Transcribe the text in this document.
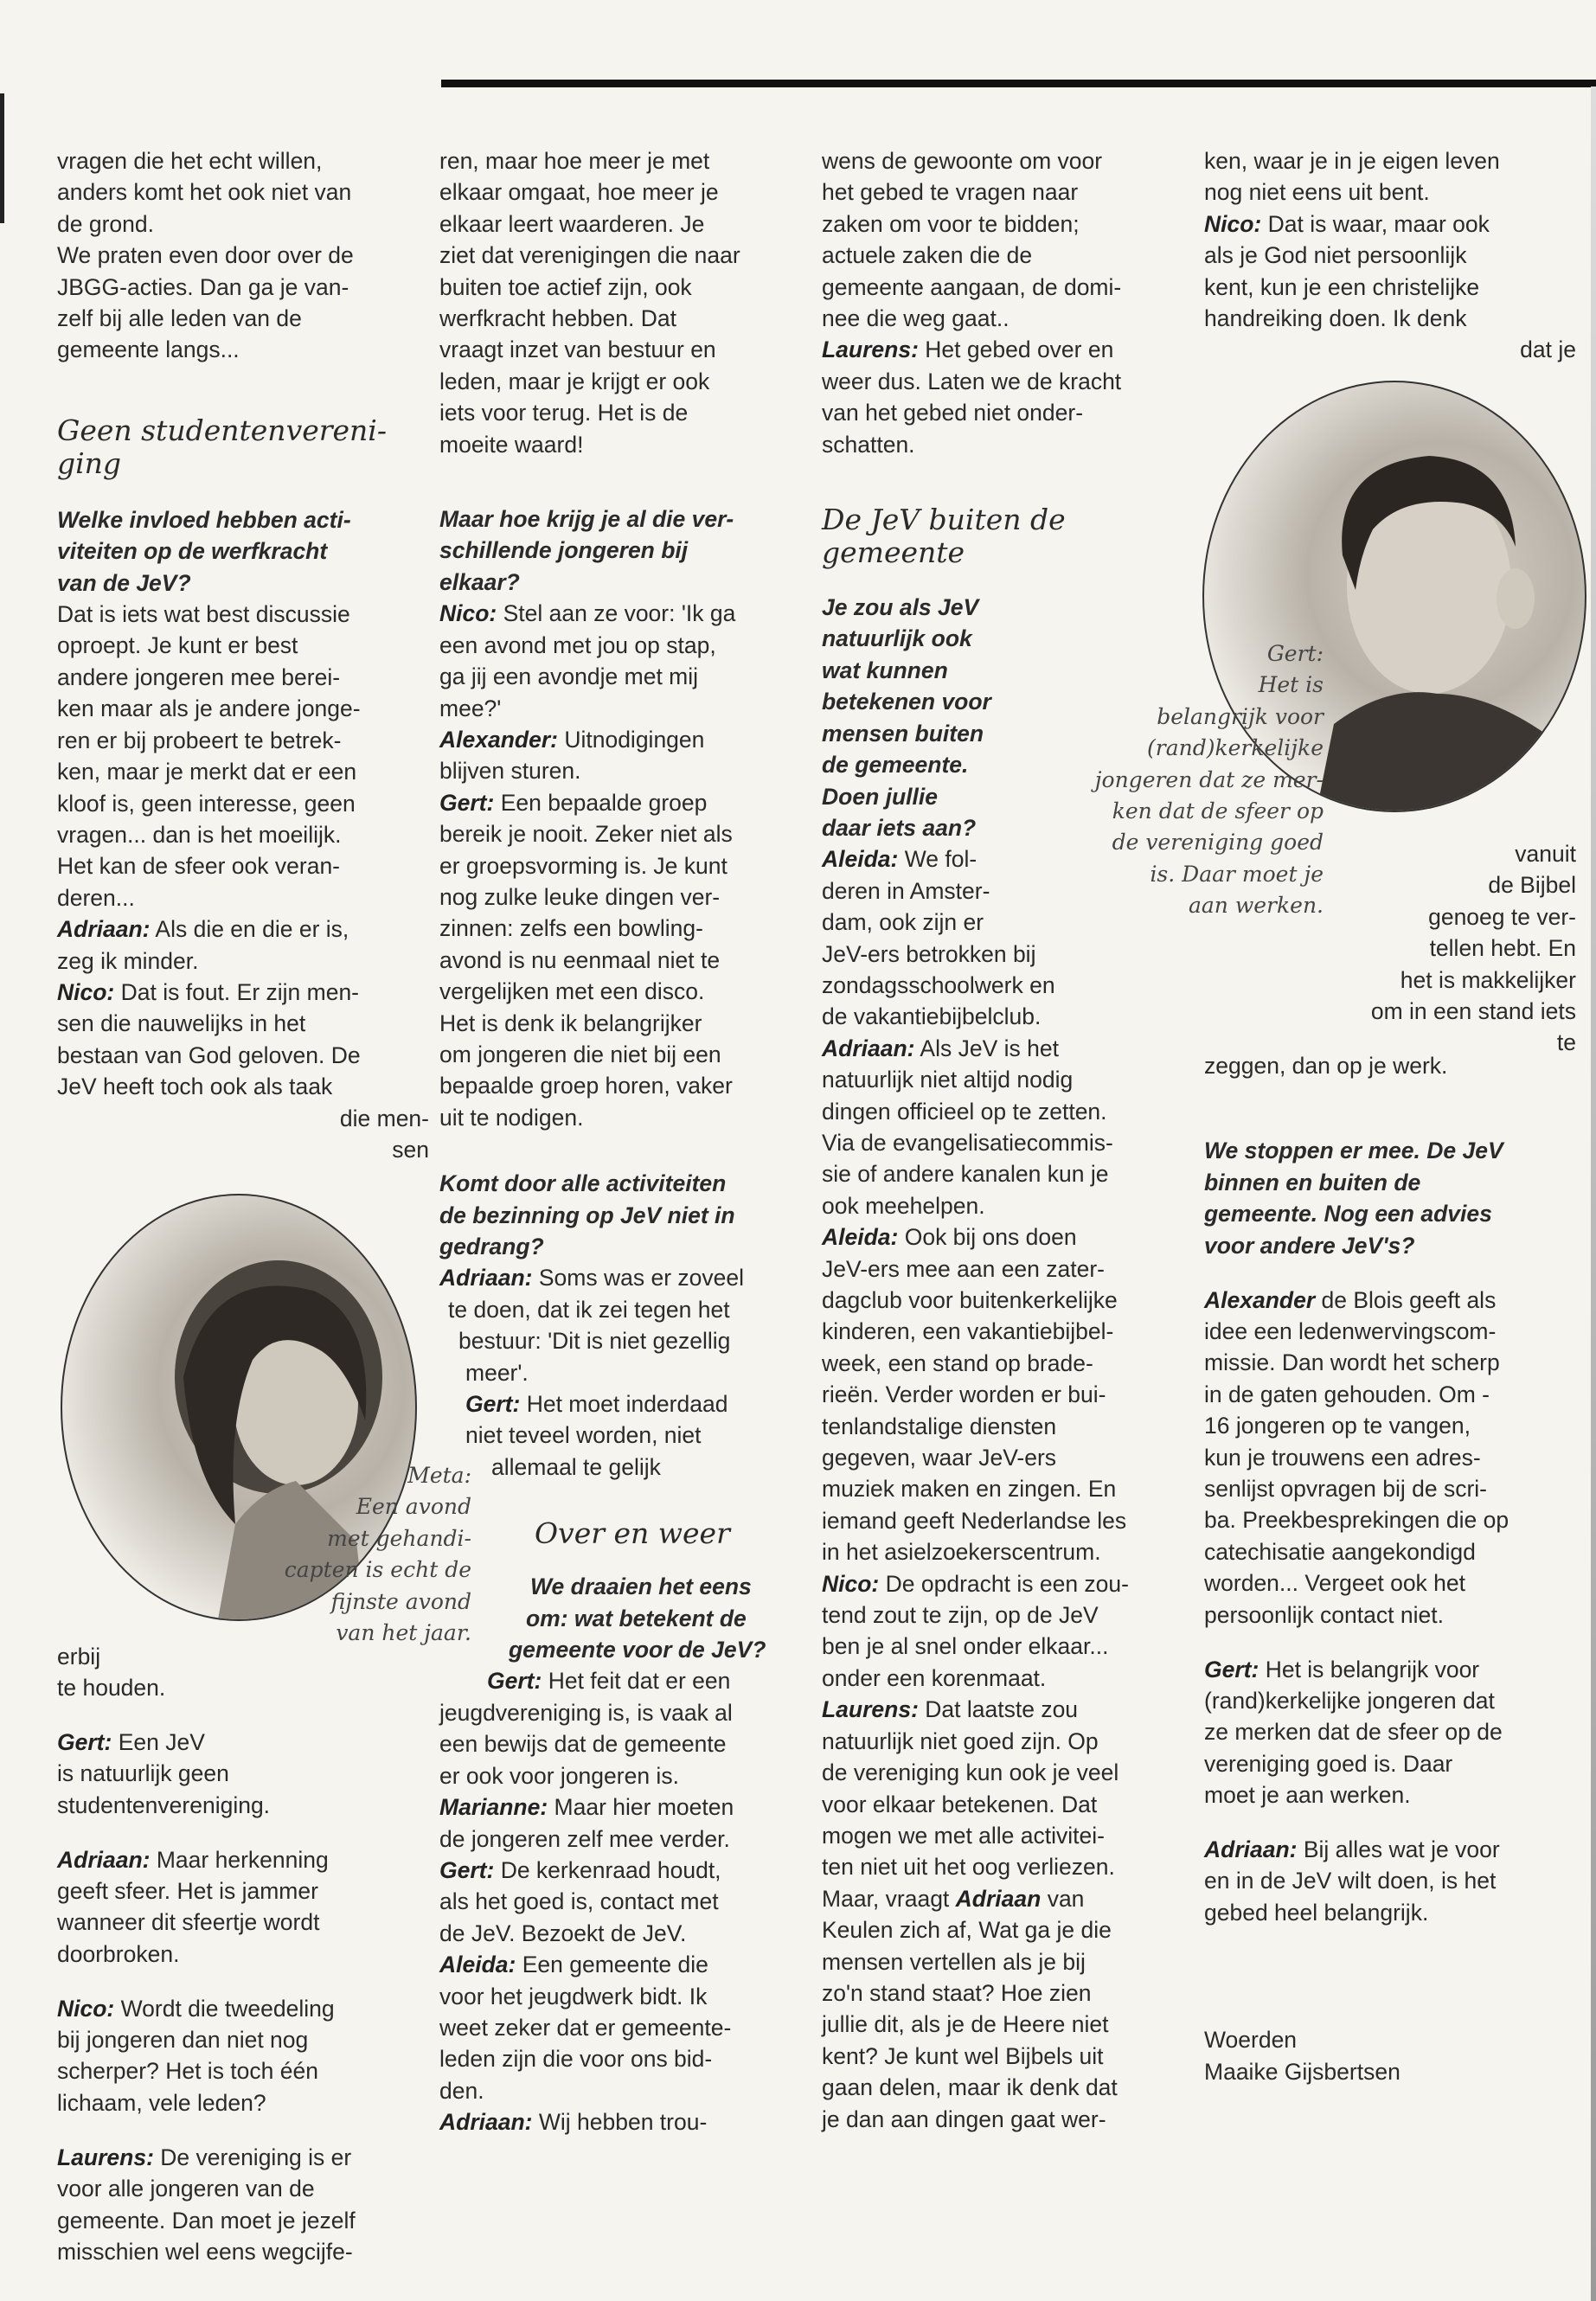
vragen die het echt willen,
anders komt het ook niet van
de grond.
We praten even door over de
JBGG-acties. Dan ga je van-
zelf bij alle leden van de
gemeente langs...

Geen studentenvereni-
ging

Welke invloed hebben acti-
viteiten op de werfkracht
van de JeV?

Dat is iets wat best discussie
oproept. Je kunt er best
andere jongeren mee berei-
ken maar als je andere jonge-
ren er bij probeert te betrek-
ken, maar je merkt dat er een
kloof is, geen interesse, geen
vragen... dan is het moeilijk.
Het kan de sfeer ook veran-
deren...

Adriaan: Als die en die er is,
zeg ik minder.

Nico: Dat is fout. Er zijn men-
sen die nauwelijks in het
bestaan van God geloven. De
JeV heeft toch ook als taak

die men-
sen

Meta:
Een avond
met gehandi-
capten is echt de
fijnste avond
van het jaar.

erbij
te houden.

Gert: Een JeV
is natuurlijk geen
studentenvereniging.

Adriaan: Maar herkenning
geeft sfeer. Het is jammer
wanneer dit sfeertje wordt
doorbroken.

Nico: Wordt die tweedeling
bij jongeren dan niet nog
scherper? Het is toch één
lichaam, vele leden?

Laurens: De vereniging is er
voor alle jongeren van de
gemeente. Dan moet je jezelf
misschien wel eens wegcijfe-

ren, maar hoe meer je met
elkaar omgaat, hoe meer je
elkaar leert waarderen. Je
ziet dat verenigingen die naar
buiten toe actief zijn, ook
werfkracht hebben. Dat
vraagt inzet van bestuur en
leden, maar je krijgt er ook
iets voor terug. Het is de
moeite waard!

Maar hoe krijg je al die ver-
schillende jongeren bij
elkaar?

Nico: Stel aan ze voor: 'Ik ga
een avond met jou op stap,
ga jij een avondje met mij
mee?'

Alexander: Uitnodigingen
blijven sturen.

Gert: Een bepaalde groep
bereik je nooit. Zeker niet als
er groepsvorming is. Je kunt
nog zulke leuke dingen ver-
zinnen: zelfs een bowling-
avond is nu eenmaal niet te
vergelijken met een disco.
Het is denk ik belangrijker
om jongeren die niet bij een
bepaalde groep horen, vaker
uit te nodigen.

Komt door alle activiteiten
de bezinning op JeV niet in
gedrang?

Adriaan: Soms was er zoveel
te doen, dat ik zei tegen het
bestuur: 'Dit is niet gezellig
meer'.

Gert: Het moet inderdaad
niet teveel worden, niet
allemaal te gelijk

Over en weer

We draaien het eens
om: wat betekent de
gemeente voor de JeV?

Gert: Het feit dat er een
jeugdvereniging is, is vaak al
een bewijs dat de gemeente
er ook voor jongeren is.

Marianne: Maar hier moeten
de jongeren zelf mee verder.

Gert: De kerkenraad houdt,
als het goed is, contact met
de JeV. Bezoekt de JeV.

Aleida: Een gemeente die
voor het jeugdwerk bidt. Ik
weet zeker dat er gemeente-
leden zijn die voor ons bid-
den.

Adriaan: Wij hebben trou-

wens de gewoonte om voor
het gebed te vragen naar
zaken om voor te bidden;
actuele zaken die de
gemeente aangaan, de domi-
nee die weg gaat..

Laurens: Het gebed over en
weer dus. Laten we de kracht
van het gebed niet onder-
schatten.

De JeV buiten de
gemeente

Je zou als JeV
natuurlijk ook
wat kunnen
betekenen voor
mensen buiten
de gemeente.
Doen jullie
daar iets aan?

Aleida: We fol-
deren in Amster-
dam, ook zijn er
JeV-ers betrokken bij
zondagsschoolwerk en
de vakantiebijbelclub.

Adriaan: Als JeV is het
natuurlijk niet altijd nodig
dingen officieel op te zetten.
Via de evangelisatiecommis-
sie of andere kanalen kun je
ook meehelpen.

Aleida: Ook bij ons doen
JeV-ers mee aan een zater-
dagclub voor buitenkerkelijke
kinderen, een vakantiebijbel-
week, een stand op brade-
rieën. Verder worden er bui-
tenlandstalige diensten
gegeven, waar JeV-ers
muziek maken en zingen. En
iemand geeft Nederlandse les
in het asielzoekerscentrum.

Nico: De opdracht is een zou-
tend zout te zijn, op de JeV
ben je al snel onder elkaar...
onder een korenmaat.

Laurens: Dat laatste zou
natuurlijk niet goed zijn. Op
de vereniging kun ook je veel
voor elkaar betekenen. Dat
mogen we met alle activitei-
ten niet uit het oog verliezen.
Maar, vraagt Adriaan van
Keulen zich af, Wat ga je die
mensen vertellen als je bij
zo'n stand staat? Hoe zien
jullie dit, als je de Heere niet
kent? Je kunt wel Bijbels uit
gaan delen, maar ik denk dat
je dan aan dingen gaat wer-

Gert:
Het is
belangrijk voor
(rand)kerkelijke
jongeren dat ze mer-
ken dat de sfeer op
de vereniging goed
is. Daar moet je
aan werken.

ken, waar je in je eigen leven
nog niet eens uit bent.

Nico: Dat is waar, maar ook
als je God niet persoonlijk
kent, kun je een christelijke
handreiking doen. Ik denk

dat je

vanuit
de Bijbel
genoeg te ver-
tellen hebt. En
het is makkelijker
om in een stand iets te

zeggen, dan op je werk.

We stoppen er mee. De JeV
binnen en buiten de
gemeente. Nog een advies
voor andere JeV's?

Alexander de Blois geeft als
idee een ledenwervingscom-
missie. Dan wordt het scherp
in de gaten gehouden. Om -
16 jongeren op te vangen,
kun je trouwens een adres-
senlijst opvragen bij de scri-
ba. Preekbesprekingen die op
catechisatie aangekondigd
worden... Vergeet ook het
persoonlijk contact niet.

Gert: Het is belangrijk voor
(rand)kerkelijke jongeren dat
ze merken dat de sfeer op de
vereniging goed is. Daar
moet je aan werken.

Adriaan: Bij alles wat je voor
en in de JeV wilt doen, is het
gebed heel belangrijk.

Woerden
Maaike Gijsbertsen
